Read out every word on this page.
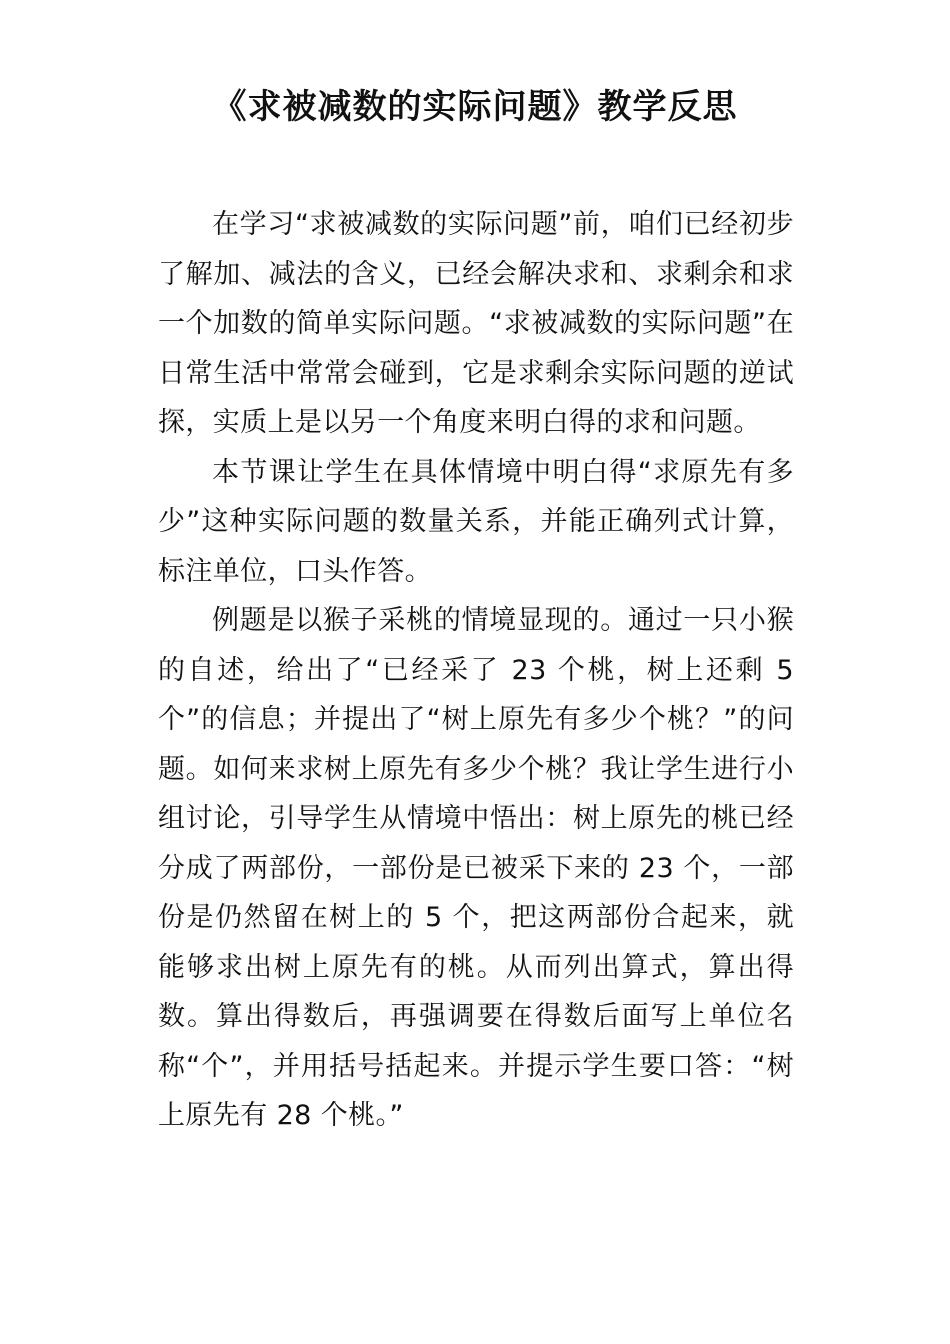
《求被减数的实际问题》教学反思

在学习“求被减数的实际问题”前，咱们已经初步了解加、减法的含义，已经会解决求和、求剩余和求一个加数的简单实际问题。“求被减数的实际问题”在日常生活中常常会碰到，它是求剩余实际问题的逆试探，实质上是以另一个角度来明白得的求和问题。

本节课让学生在具体情境中明白得“求原先有多少”这种实际问题的数量关系，并能正确列式计算，标注单位，口头作答。

例题是以猴子采桃的情境显现的。通过一只小猴的自述，给出了“已经采了 23 个桃，树上还剩 5 个”的信息；并提出了“树上原先有多少个桃？”的问题。如何来求树上原先有多少个桃？我让学生进行小组讨论，引导学生从情境中悟出：树上原先的桃已经分成了两部份，一部份是已被采下来的 23 个，一部份是仍然留在树上的 5 个，把这两部份合起来，就能够求出树上原先有的桃。从而列出算式，算出得数。算出得数后，再强调要在得数后面写上单位名称“个”，并用括号括起来。并提示学生要口答：“树上原先有 28 个桃。”
